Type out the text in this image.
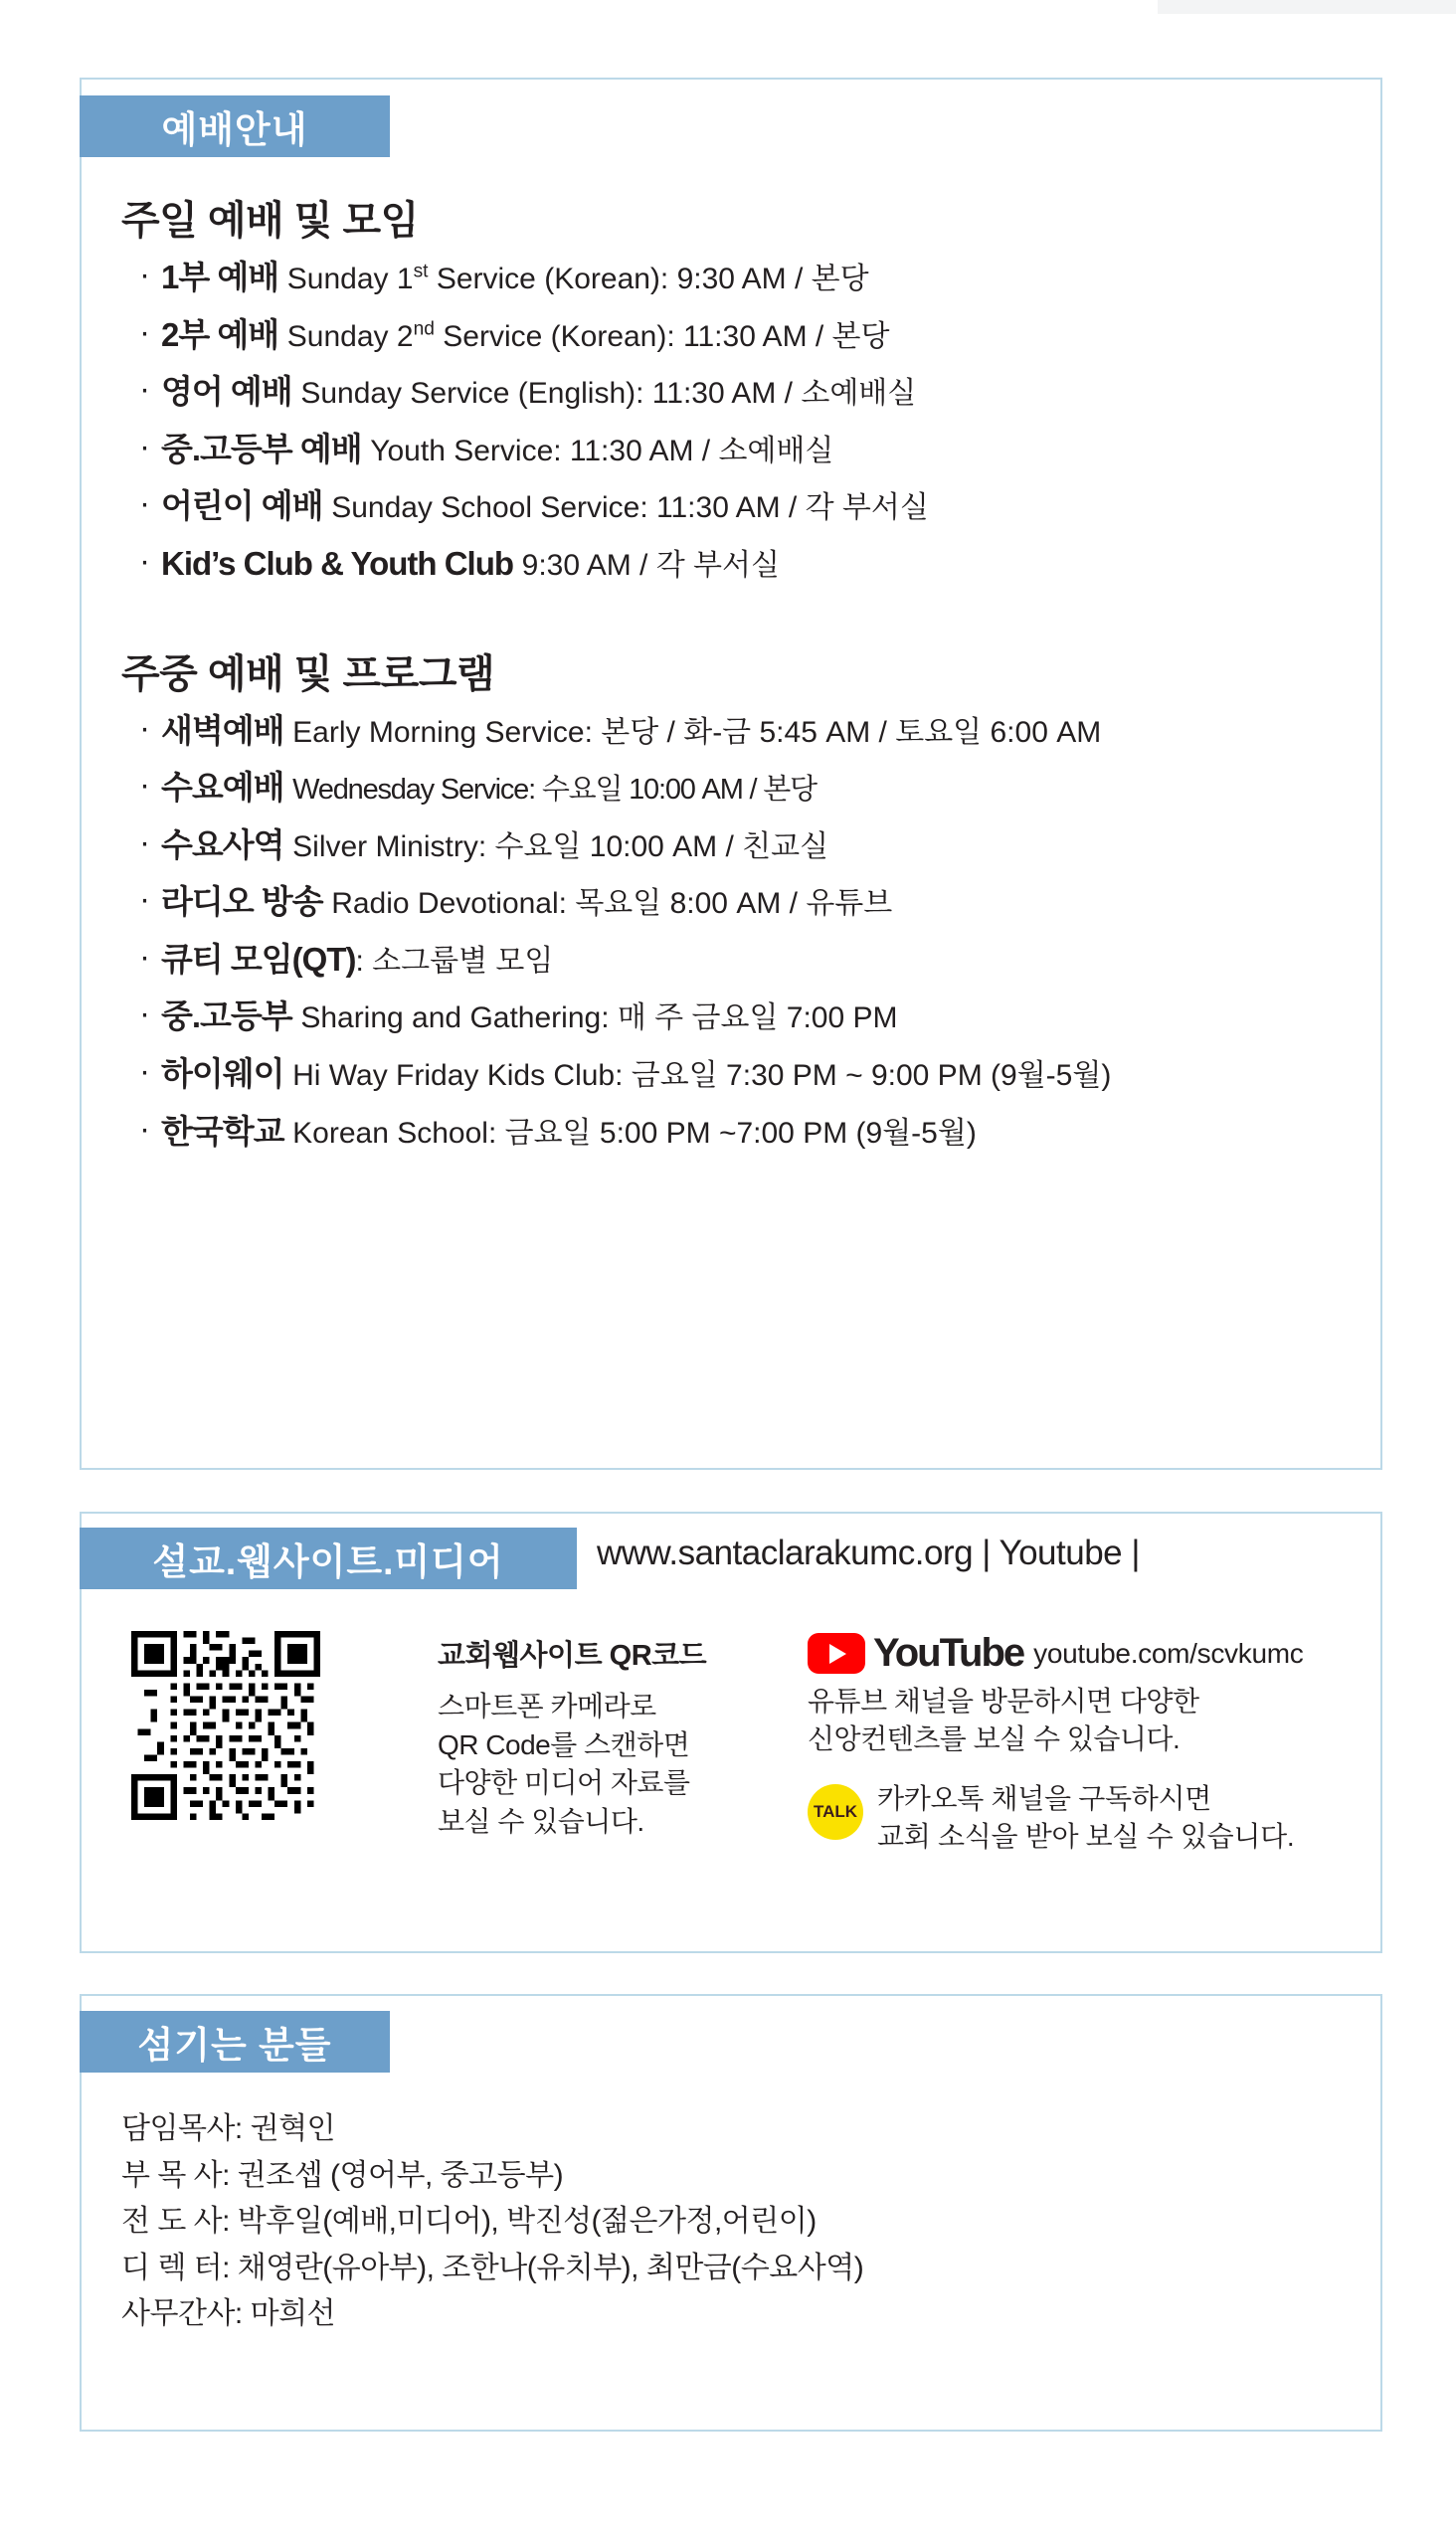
예배안내
주일 예배 및 모임
· 1부 예배 Sunday 1st Service (Korean): 9:30 AM / 본당
· 2부 예배 Sunday 2nd Service (Korean): 11:30 AM / 본당
· 영어 예배 Sunday Service (English): 11:30 AM / 소예배실
· 중.고등부 예배 Youth Service: 11:30 AM / 소예배실
· 어린이 예배 Sunday School Service: 11:30 AM / 각 부서실
· Kid’s Club & Youth Club 9:30 AM / 각 부서실
주중 예배 및 프로그램
· 새벽예배 Early Morning Service: 본당 / 화-금 5:45 AM / 토요일 6:00 AM
· 수요예배 Wednesday Service: 수요일 10:00 AM / 본당
· 수요사역 Silver Ministry: 수요일 10:00 AM / 친교실
· 라디오 방송 Radio Devotional: 목요일 8:00 AM / 유튜브
· 큐티 모임(QT): 소그룹별 모임
· 중.고등부 Sharing and Gathering: 매 주 금요일 7:00 PM
· 하이웨이 Hi Way Friday Kids Club: 금요일 7:30 PM ~ 9:00 PM (9월-5월)
· 한국학교 Korean School: 금요일 5:00 PM ~7:00 PM (9월-5월)
설교.웹사이트.미디어	www.santaclarakumc.org | Youtube |
교회웹사이트 QR코드
스마트폰 카메라로
QR Code를 스캔하면
다양한 미디어 자료를
보실 수 있습니다.
YouTube youtube.com/scvkumc
유튜브 채널을 방문하시면 다양한
신앙컨텐츠를 보실 수 있습니다.
TALK 카카오톡 채널을 구독하시면
교회 소식을 받아 보실 수 있습니다.
섬기는 분들
담임목사: 권혁인
부 목 사: 권조셉 (영어부, 중고등부)
전 도 사: 박후일(예배,미디어), 박진성(젊은가정,어린이)
디 렉 터: 채영란(유아부), 조한나(유치부), 최만금(수요사역)
사무간사: 마희선
